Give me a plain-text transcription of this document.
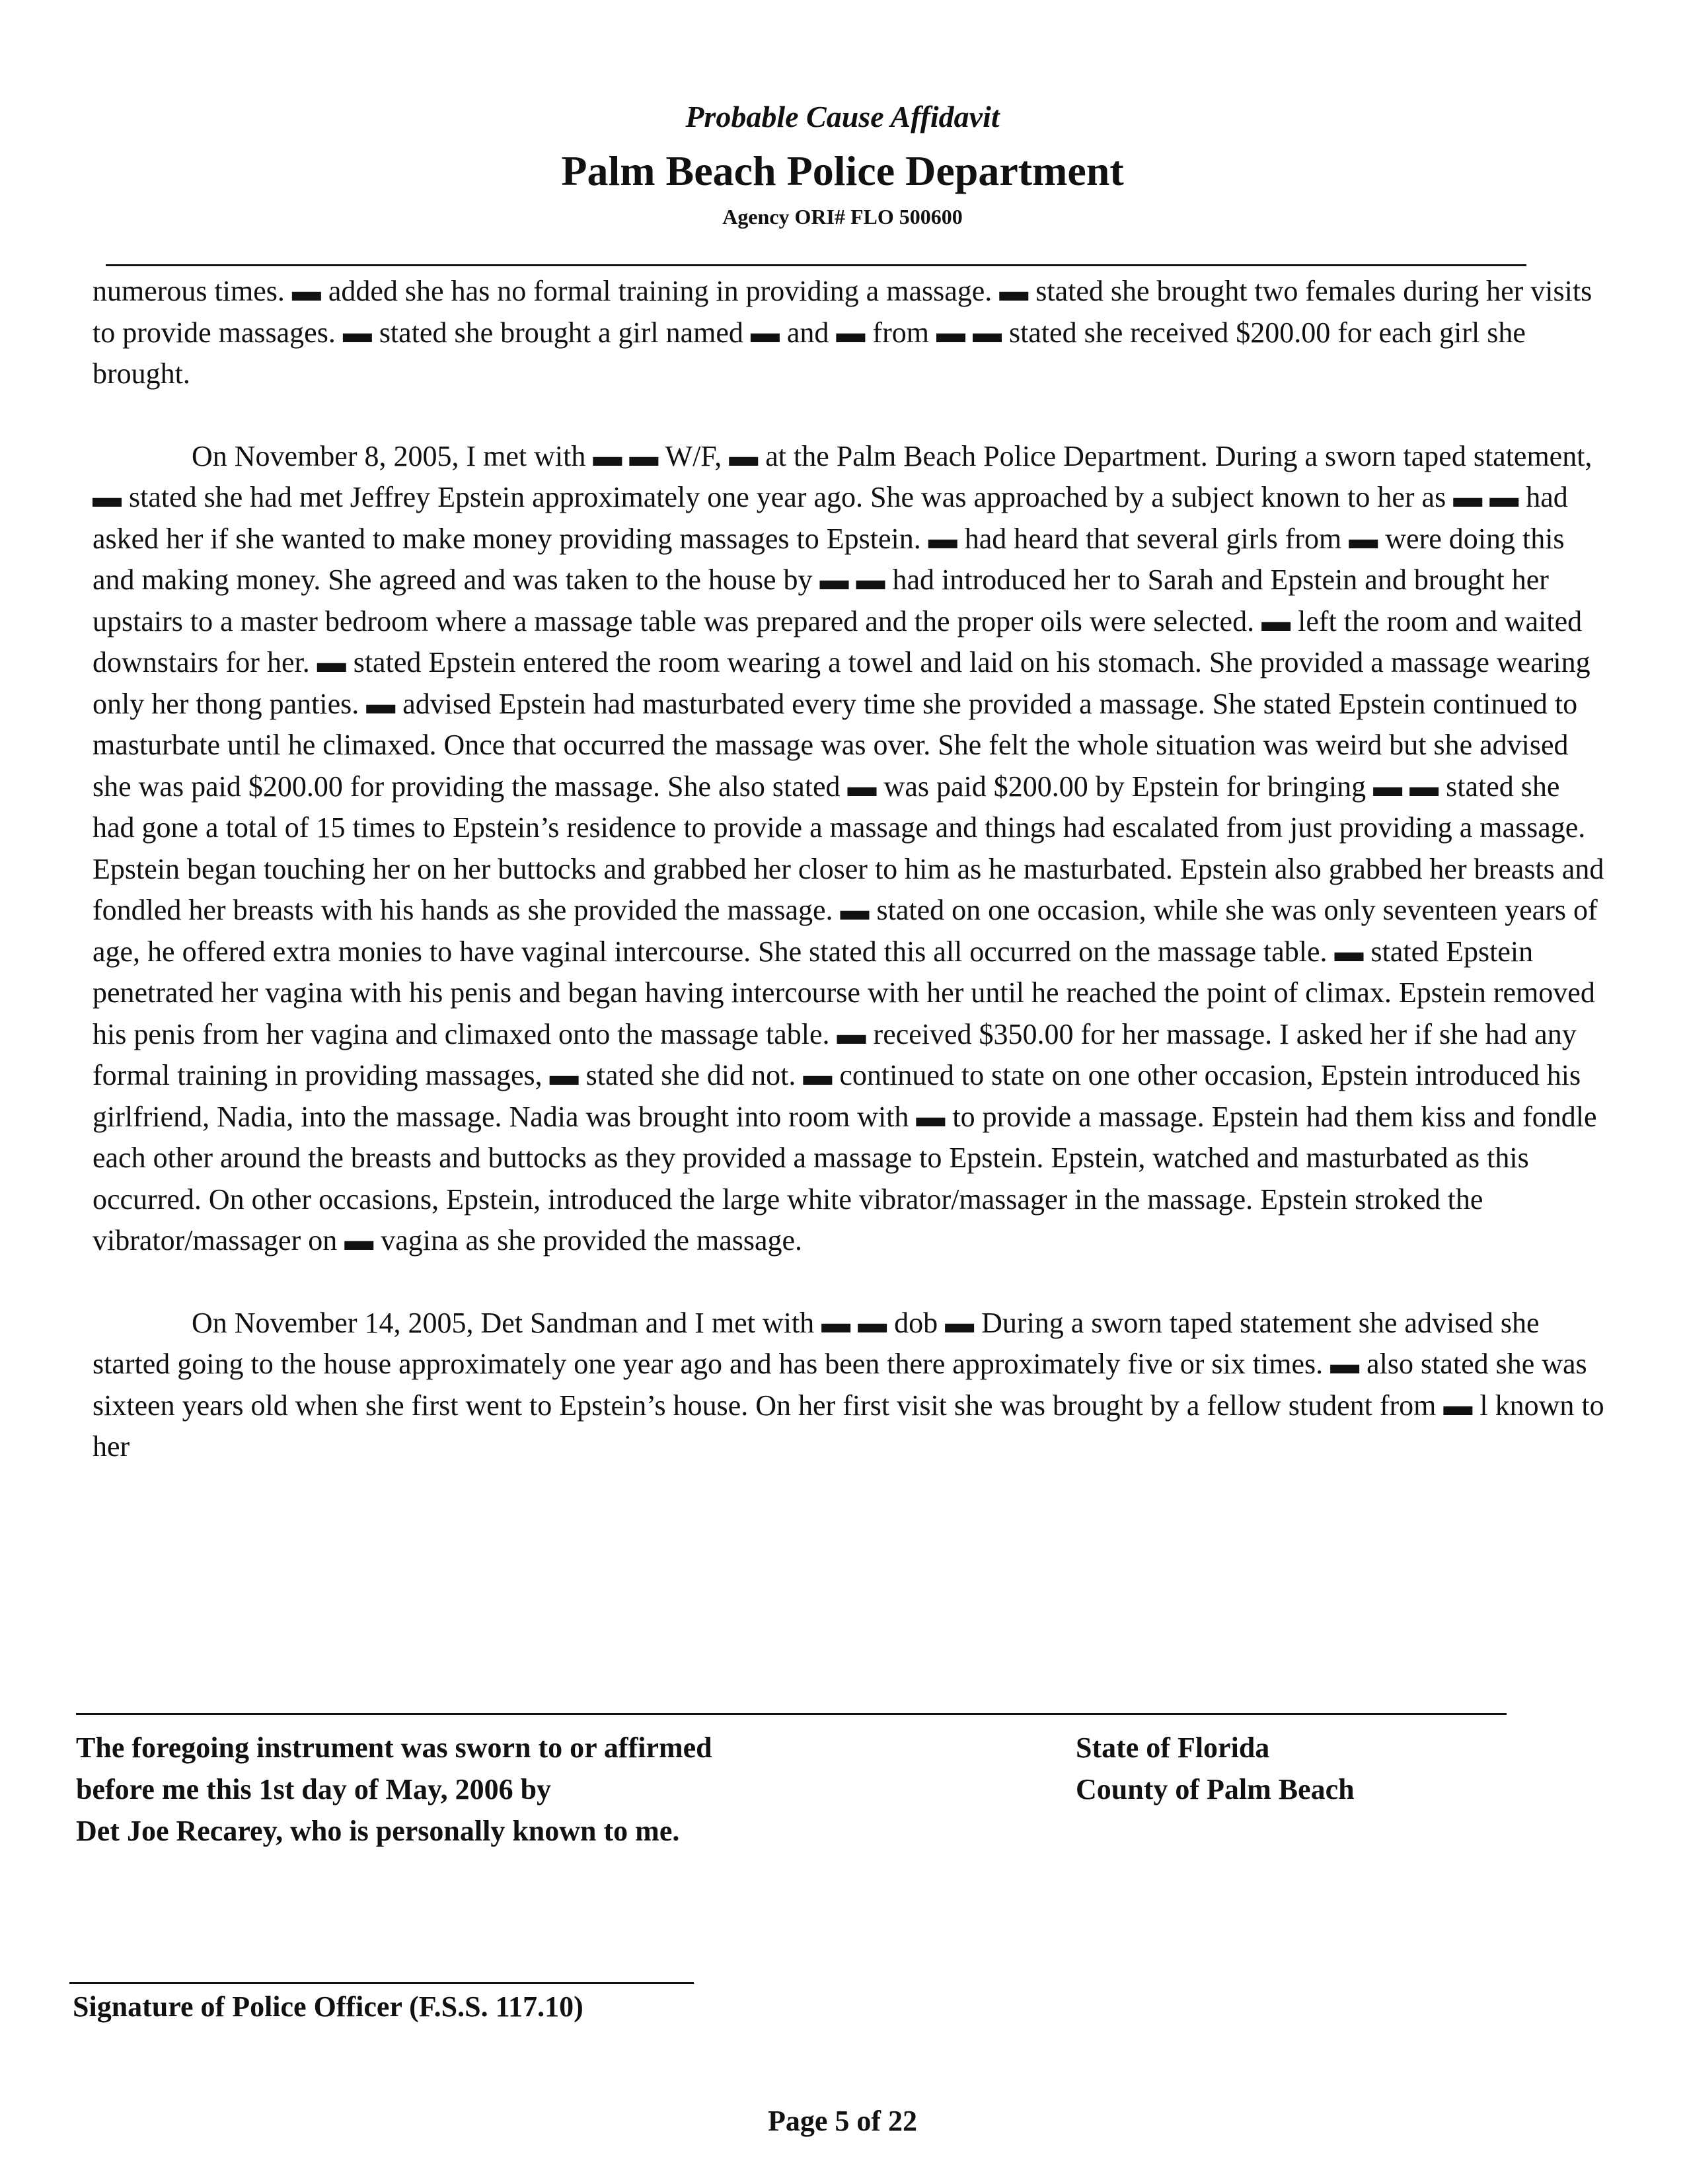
Probable Cause Affidavit
Palm Beach Police Department
Agency ORI# FLO 500600

numerous times. ▬ added she has no formal training in providing a massage. ▬ stated she brought two females during her visits to provide massages. ▬ stated she brought a girl named ▬ and ▬ from ▬ ▬ stated she received $200.00 for each girl she brought.

On November 8, 2005, I met with ▬ ▬ W/F, ▬ at the Palm Beach Police Department. During a sworn taped statement, ▬ stated she had met Jeffrey Epstein approximately one year ago. She was approached by a subject known to her as ▬ ▬ had asked her if she wanted to make money providing massages to Epstein. ▬ had heard that several girls from ▬ were doing this and making money. She agreed and was taken to the house by ▬ ▬ had introduced her to Sarah and Epstein and brought her upstairs to a master bedroom where a massage table was prepared and the proper oils were selected. ▬ left the room and waited downstairs for her. ▬ stated Epstein entered the room wearing a towel and laid on his stomach. She provided a massage wearing only her thong panties. ▬ advised Epstein had masturbated every time she provided a massage. She stated Epstein continued to masturbate until he climaxed. Once that occurred the massage was over. She felt the whole situation was weird but she advised she was paid $200.00 for providing the massage. She also stated ▬ was paid $200.00 by Epstein for bringing ▬ ▬ stated she had gone a total of 15 times to Epstein’s residence to provide a massage and things had escalated from just providing a massage. Epstein began touching her on her buttocks and grabbed her closer to him as he masturbated. Epstein also grabbed her breasts and fondled her breasts with his hands as she provided the massage. ▬ stated on one occasion, while she was only seventeen years of age, he offered extra monies to have vaginal intercourse. She stated this all occurred on the massage table. ▬ stated Epstein penetrated her vagina with his penis and began having intercourse with her until he reached the point of climax. Epstein removed his penis from her vagina and climaxed onto the massage table. ▬ received $350.00 for her massage. I asked her if she had any formal training in providing massages, ▬ stated she did not. ▬ continued to state on one other occasion, Epstein introduced his girlfriend, Nadia, into the massage. Nadia was brought into room with ▬ to provide a massage. Epstein had them kiss and fondle each other around the breasts and buttocks as they provided a massage to Epstein. Epstein, watched and masturbated as this occurred. On other occasions, Epstein, introduced the large white vibrator/massager in the massage. Epstein stroked the vibrator/massager on ▬ vagina as she provided the massage.

On November 14, 2005, Det Sandman and I met with ▬ ▬ dob ▬ During a sworn taped statement she advised she started going to the house approximately one year ago and has been there approximately five or six times. ▬ also stated she was sixteen years old when she first went to Epstein’s house. On her first visit she was brought by a fellow student from ▬ l known to her

The foregoing instrument was sworn to or affirmed
before me this 1st day of May, 2006 by
Det Joe Recarey, who is personally known to me.
State of Florida
County of Palm Beach
Signature of Police Officer (F.S.S. 117.10)
Page 5 of 22
